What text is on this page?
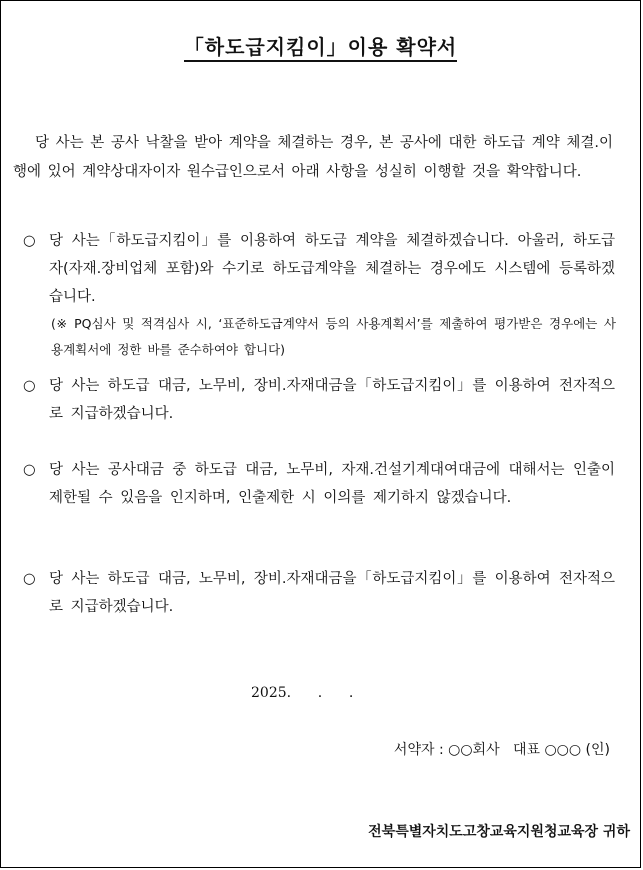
「하도급지킴이」이용 확약서
당 사는 본 공사 낙찰을 받아 계약을 체결하는 경우, 본 공사에 대한 하도급 계약 체결.이행에 있어 계약상대자이자 원수급인으로서 아래 사항을 성실히 이행할 것을 확약합니다.
○ 당 사는「하도급지킴이」를 이용하여 하도급 계약을 체결하겠습니다. 아울러, 하도급자(자재.장비업체 포함)와 수기로 하도급계약을 체결하는 경우에도 시스템에 등록하겠습니다.
(※ PQ심사 및 적격심사 시, ‘표준하도급계약서 등의 사용계획서’를 제출하여 평가받은 경우에는 사용계획서에 정한 바를 준수하여야 합니다)
○ 당 사는 하도급 대금, 노무비, 장비.자재대금을「하도급지킴이」를 이용하여 전자적으로 지급하겠습니다.
○ 당 사는 공사대금 중 하도급 대금, 노무비, 자재.건설기계대여대금에 대해서는 인출이 제한될 수 있음을 인지하며, 인출제한 시 이의를 제기하지 않겠습니다.
○ 당 사는 하도급 대금, 노무비, 장비.자재대금을「하도급지킴이」를 이용하여 전자적으로 지급하겠습니다.
2025.      .      .
서약자 : ○○회사   대표 ○○○ (인)
전북특별자치도고창교육지원청교육장 귀하
